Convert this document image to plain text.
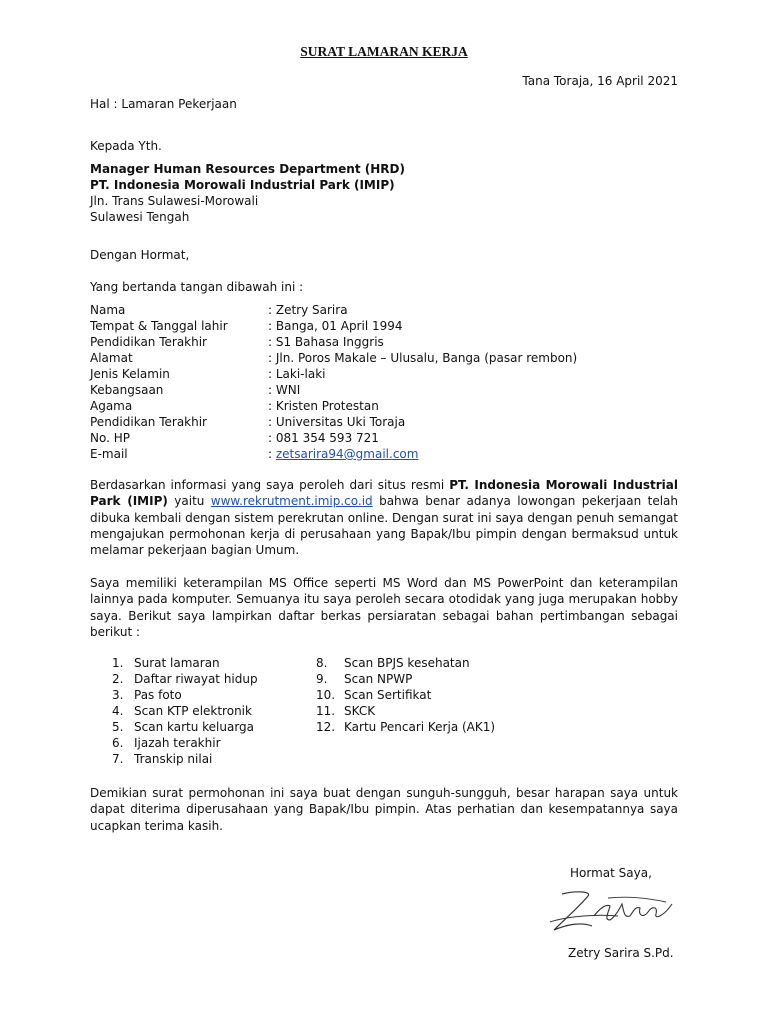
SURAT LAMARAN KERJA
Tana Toraja, 16 April 2021
Hal : Lamaran Pekerjaan
Kepada Yth.
Manager Human Resources Department (HRD)
PT. Indonesia Morowali Industrial Park (IMIP)
Jln. Trans Sulawesi-Morowali
Sulawesi Tengah
Dengan Hormat,
Yang bertanda tangan dibawah ini :
Nama	: Zetry Sarira
Tempat & Tanggal lahir	: Banga, 01 April 1994
Pendidikan Terakhir	: S1 Bahasa Inggris
Alamat	: Jln. Poros Makale – Ulusalu, Banga (pasar rembon)
Jenis Kelamin	: Laki-laki
Kebangsaan	: WNI
Agama	: Kristen Protestan
Pendidikan Terakhir	: Universitas Uki Toraja
No. HP	: 081 354 593 721
E-mail	: zetsarira94@gmail.com
Berdasarkan informasi yang saya peroleh dari situs resmi PT. Indonesia Morowali Industrial Park (IMIP) yaitu www.rekrutment.imip.co.id bahwa benar adanya lowongan pekerjaan telah dibuka kembali dengan sistem perekrutan online. Dengan surat ini saya dengan penuh semangat mengajukan permohonan kerja di perusahaan yang Bapak/Ibu pimpin dengan bermaksud untuk melamar pekerjaan bagian Umum.
Saya memiliki keterampilan MS Office seperti MS Word dan MS PowerPoint dan keterampilan lainnya pada komputer. Semuanya itu saya peroleh secara otodidak yang juga merupakan hobby saya. Berikut saya lampirkan daftar berkas persiaratan sebagai bahan pertimbangan sebagai berikut :
1. Surat lamaran
2. Daftar riwayat hidup
3. Pas foto
4. Scan KTP elektronik
5. Scan kartu keluarga
6. Ijazah terakhir
7. Transkip nilai
8. Scan BPJS kesehatan
9. Scan NPWP
10. Scan Sertifikat
11. SKCK
12. Kartu Pencari Kerja (AK1)
Demikian surat permohonan ini saya buat dengan sunguh-sungguh, besar harapan saya untuk dapat diterima diperusahaan yang Bapak/Ibu pimpin. Atas perhatian dan kesempatannya saya ucapkan terima kasih.
Hormat Saya,
Zetry Sarira S.Pd.
